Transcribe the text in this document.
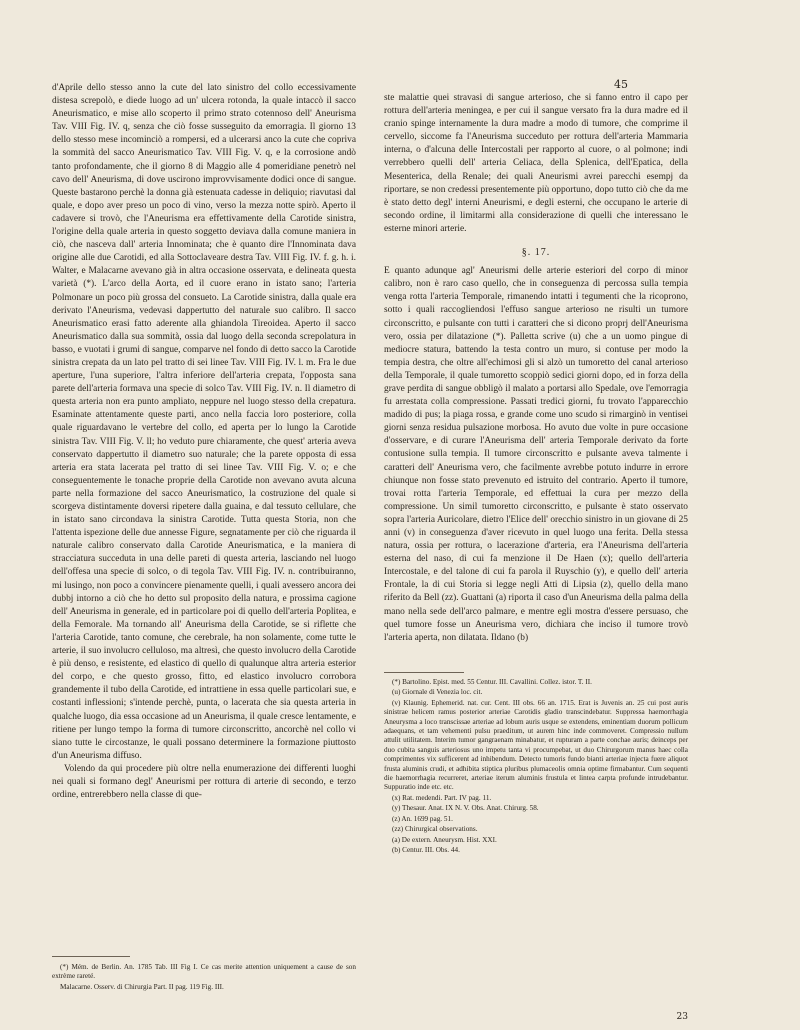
45

d'Aprile dello stesso anno la cute del lato sinistro del collo eccessivamente distesa screpolò, e diede luogo ad un' ulcera rotonda, la quale intaccò il sacco Aneurismatico, e mise allo scoperto il primo strato cotennoso dell' Aneurisma Tav. VIII Fig. IV. q, senza che ciò fosse susseguito da emorragia. Il giorno 13 dello stesso mese incominciò a rompersi, ed a ulcerarsi anco la cute che copriva la sommità del sacco Aneurismatico Tav. VIII Fig. V. q, e la corrosione andò tanto profondamente, che il giorno 8 di Maggio alle 4 pomeridiane penetrò nel cavo dell' Aneurisma, di dove uscirono improvvisamente dodici once di sangue. Queste bastarono perchè la donna già estenuata cadesse in deliquio; riavutasi dal quale, e dopo aver preso un poco di vino, verso la mezza notte spirò. Aperto il cadavere si trovò, che l'Aneurisma era effettivamente della Carotide sinistra, l'origine della quale arteria in questo soggetto deviava dalla comune maniera in ciò, che nasceva dall' arteria Innominata; che è quanto dire l'Innominata dava origine alle due Carotidi, ed alla Sottoclaveare destra Tav. VIII Fig. IV. f. g. h. i. Walter, e Malacarne avevano già in altra occasione osservata, e delineata questa varietà (*). L'arco della Aorta, ed il cuore erano in istato sano; l'arteria Polmonare un poco più grossa del consueto. La Carotide sinistra, dalla quale era derivato l'Aneurisma, vedevasi dappertutto del naturale suo calibro. Il sacco Aneurismatico erasi fatto aderente alla ghiandola Tireoidea. Aperto il sacco Aneurismatico dalla sua sommità, ossia dal luogo della seconda screpolatura in basso, e vuotati i grumi di sangue, comparve nel fondo di detto sacco la Carotide sinistra crepata da un lato pel tratto di sei linee Tav. VIII Fig. IV. l. m. Fra le due aperture, l'una superiore, l'altra inferiore dell'arteria crepata, l'opposta sana parete dell'arteria formava una specie di solco Tav. VIII Fig. IV. n. Il diametro di questa arteria non era punto ampliato, neppure nel luogo stesso della crepatura. Esaminate attentamente queste parti, anco nella faccia loro posteriore, colla quale riguardavano le vertebre del collo, ed aperta per lo lungo la Carotide sinistra Tav. VIII Fig. V. ll; ho veduto pure chiaramente, che quest' arteria aveva conservato dappertutto il diametro suo naturale; che la parete opposta di essa arteria era stata lacerata pel tratto di sei linee Tav. VIII Fig. V. o; e che conseguentemente le tonache proprie della Carotide non avevano avuta alcuna parte nella formazione del sacco Aneurismatico, la costruzione del quale si scorgeva distintamente doversi ripetere dalla guaina, e dal tessuto cellulare, che in istato sano circondava la sinistra Carotide. Tutta questa Storia, non che l'attenta ispezione delle due annesse Figure, segnatamente per ciò che riguarda il naturale calibro conservato dalla Carotide Aneurismatica, e la maniera di stracciatura succeduta in una delle pareti di questa arteria, lasciando nel luogo dell'offesa una specie di solco, o di tegola Tav. VIII Fig. IV. n. contribuiranno, mi lusingo, non poco a convincere pienamente quelli, i quali avessero ancora dei dubbj intorno a ciò che ho detto sul proposito della natura, e prossima cagione dell' Aneurisma in generale, ed in particolare poi di quello dell'arteria Poplitea, e della Femorale. Ma tornando all' Aneurisma della Carotide, se si riflette che l'arteria Carotide, tanto comune, che cerebrale, ha non solamente, come tutte le arterie, il suo involucro celluloso, ma altresì, che questo involucro della Carotide è più denso, e resistente, ed elastico di quello di qualunque altra arteria esterior del corpo, e che questo grosso, fitto, ed elastico involucro corrobora grandemente il tubo della Carotide, ed intrattiene in essa quelle particolari sue, e costanti inflessioni; s'intende perchè, punta, o lacerata che sia questa arteria in qualche luogo, dia essa occasione ad un Aneurisma, il quale cresce lentamente, e ritiene per lungo tempo la forma di tumore circonscritto, ancorchè nel collo vi siano tutte le circostanze, le quali possano determinere la formazione piuttosto d'un Aneurisma diffuso.

Volendo da qui procedere più oltre nella enumerazione dei differenti luoghi nei quali si formano degl' Aneurismi per rottura di arterie di secondo, e terzo ordine, entrerebbero nella classe di que-

ste malattie quei stravasi di sangue arterioso, che si fanno entro il capo per rottura dell'arteria meningea, e per cui il sangue versato fra la dura madre ed il cranio spinge internamente la dura madre a modo di tumore, che comprime il cervello, siccome fa l'Aneurisma succeduto per rottura dell'arteria Mammaria interna, o d'alcuna delle Intercostali per rapporto al cuore, o al polmone; indi verrebbero quelli dell' arteria Celiaca, della Splenica, dell'Epatica, della Mesenterica, della Renale; dei quali Aneurismi avrei parecchi esempj da riportare, se non credessi presentemente più opportuno, dopo tutto ciò che da me è stato detto degl' interni Aneurismi, e degli esterni, che occupano le arterie di secondo ordine, il limitarmi alla considerazione di quelli che interessano le esterne minori arterie.

§. 17.

E quanto adunque agl' Aneurismi delle arterie esteriori del corpo di minor calibro, non è raro caso quello, che in conseguenza di percossa sulla tempia venga rotta l'arteria Temporale, rimanendo intatti i tegumenti che la ricoprono, sotto i quali raccogliendosi l'effuso sangue arterioso ne risulti un tumore circonscritto, e pulsante con tutti i caratteri che si dicono proprj dell'Aneurisma vero, ossia per dilatazione (*). Palletta scrive (u) che a un uomo pingue di mediocre statura, battendo la testa contro un muro, si contuse per modo la tempia destra, che oltre all'echimosi gli si alzò un tumoretto del canal arterioso della Temporale, il quale tumoretto scoppiò sedici giorni dopo, ed in forza della grave perdita di sangue obbligò il malato a portarsi allo Spedale, ove l'emorragia fu arrestata colla compressione. Passati tredici giorni, fu trovato l'apparecchio madido di pus; la piaga rossa, e grande come uno scudo si rimarginò in ventisei giorni senza residua pulsazione morbosa. Ho avuto due volte in pure occasione d'osservare, e di curare l'Aneurisma dell' arteria Temporale derivato da forte contusione sulla tempia. Il tumore circonscritto e pulsante aveva talmente i caratteri dell' Aneurisma vero, che facilmente avrebbe potuto indurre in errore chiunque non fosse stato prevenuto ed istruito del contrario. Aperto il tumore, trovai rotta l'arteria Temporale, ed effettuai la cura per mezzo della compressione. Un simil tumoretto circonscritto, e pulsante è stato osservato sopra l'arteria Auricolare, dietro l'Elice dell' orecchio sinistro in un giovane di 25 anni (v) in conseguenza d'aver ricevuto in quel luogo una ferita. Della stessa natura, ossia per rottura, o lacerazione d'arteria, era l'Aneurisma dell'arteria esterna del naso, di cui fa menzione il De Haen (x); quello dell'arteria Intercostale, e del talone di cui fa parola il Ruyschio (y), e quello dell' arteria Frontale, la di cui Storia si legge negli Atti di Lipsia (z), quello della mano riferito da Bell (zz). Guattani (a) riporta il caso d'un Aneurisma della palma della mano nella sede dell'arco palmare, e mentre egli mostra d'essere persuaso, che quel tumore fosse un Aneurisma vero, dichiara che inciso il tumore trovò l'arteria aperta, non dilatata. Ildano (b)

(*) Bartolino. Epist. med. 55 Centur. III. Cavallini. Collez. istor. T. II.

(u) Giornale di Venezia loc. cit.

(v) Klaunig. Ephemerid. nat. cur. Cent. III obs. 66 an. 1715. Erat is Juvenis an. 25 cui post auris sinistrae helicem ramus posterior arteriae Carotidis gladio transcindebatur. Suppressa haemorrhagia Aneurysma a loco transcissae arteriae ad lobum auris usque se extendens, eminentiam duorum pollicum adaequans, et tam vehementi pulsu praeditum, ut aurem hinc inde commoveret. Compressio nullum attulit utilitatem. Interim tumor gangraenam minabatur, et rupturam a parte conchae auris; deinceps per duo cubita sanguis arteriosus uno impetu tanta vi procumpebat, ut duo Chirurgorum manus haec colla comprimentes vix sufficerent ad inhibendum. Detecto tumoris fundo bianti arteriae injecta fuere aliquot frusta aluminis crudi, et adhibita stiptica pluribus plumaceolis omnia optime firmabantur. Cum sequenti die haemorrhagia recurreret, arteriae iterum aluminis frustula et lintea carpta profunde intrudebantur. Suppuratio inde etc. etc.

(x) Rat. medendi. Part. IV pag. 11.

(y) Thesaur. Anat. IX N. V. Obs. Anat. Chirurg. 58.

(z) An. 1699 pag. 51.

(zz) Chirurgical observations.

(a) De extern. Aneurysm. Hist. XXI.

(b) Centur. III. Obs. 44.

(*) Mém. de Berlin. An. 1785 Tab. III Fig I. Ce cas merite attention uniquement a cause de son extrème rareté.

Malacarne. Osserv. di Chirurgia Part. II pag. 119 Fig. III.

23
